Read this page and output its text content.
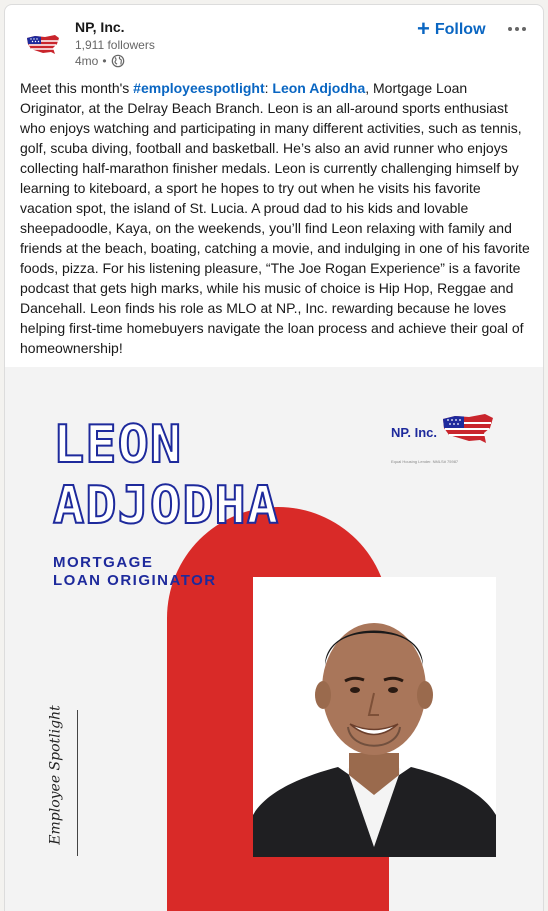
NP, Inc.
1,911 followers
4mo •
+ Follow
Meet this month's #employeespotlight: Leon Adjodha, Mortgage Loan Originator, at the Delray Beach Branch. Leon is an all-around sports enthusiast who enjoys watching and participating in many different activities, such as tennis, golf, scuba diving, football and basketball. He’s also an avid runner who enjoys collecting half-marathon finisher medals. Leon is currently challenging himself by learning to kiteboard, a sport he hopes to try out when he visits his favorite vacation spot, the island of St. Lucia. A proud dad to his kids and lovable sheepadoodle, Kaya, on the weekends, you’ll find Leon relaxing with family and friends at the beach, boating, catching a movie, and indulging in one of his favorite foods, pizza. For his listening pleasure, “The Joe Rogan Experience” is a favorite podcast that gets high marks, while his music of choice is Hip Hop, Reggae and Dancehall. Leon finds his role as MLO at NP., Inc. rewarding because he loves helping first-time homebuyers navigate the loan process and achieve their goal of homeownership!
LEON
ADJODHA
MORTGAGE
LOAN ORIGINATOR
NP. Inc.
Equal Housing Lender. NMLS# 75987
Employee Spotlight
